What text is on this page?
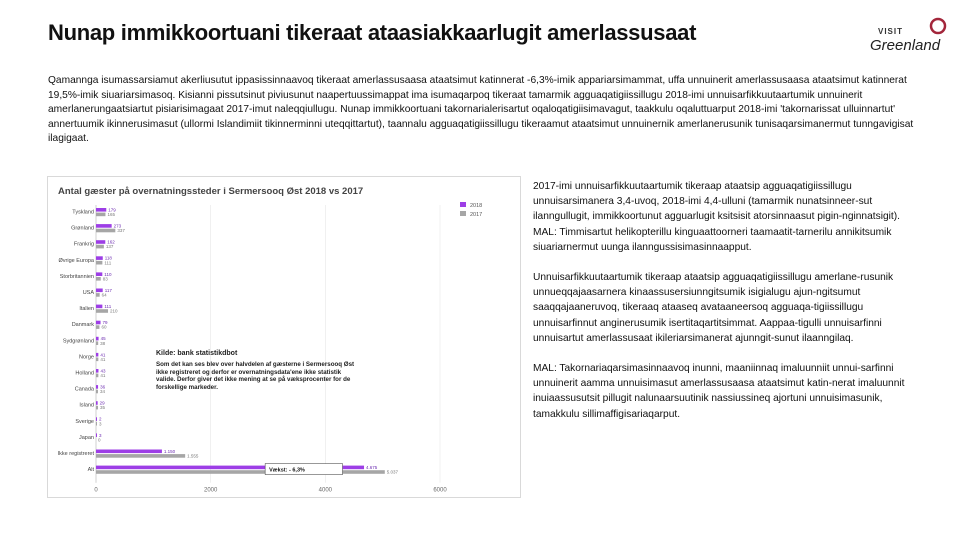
Nunap immikkoortuani tikeraat ataasiakkaarlugit amerlassusaat	VISIT
Greenland
Qamannga isumassarsiamut akerliusutut ippasissinnaavoq tikeraat amerlassusaasa ataatsimut katinnerat -6,3%-imik appariarsimammat, uffa unnuinerit amerlassusaasa ataatsimut katinnerat 19,5%-imik siuariarsimasoq. Kisianni pissutsinut piviusunut naapertuussimappat ima isumaqarpoq tikeraat tamarmik agguaqatigiissillugu 2018-imi unnuisarfikkuutaartumik unnuinerit amerlanerungaatsiartut pisiarisimagaat 2017-imut naleqqiullugu. Nunap immikkoortuani takornarialerisartut oqaloqatigiisimavagut, taakkulu oqaluttuarput 2018-imi 'takornarissat ulluinnartut' annertuumik ikinnerusimasut (ullormi Islandimiit tikinnerminni uteqqittartut), taannalu agguaqatigiissillugu tikeraamut ataatsimut unnuinernik amerlanerusunik tunisaqarsimanermut tunngavigisat ilagigaat.
Antal gæster på overnatningssteder i Sermersooq Øst 2018 vs 2017
2018
2017
0	2000	4000	6000
Tyskland	179
165
Grønland	273
337
Frankrig	162
137
Øvrige Europa 118
111
Storbritannien 110
83
USA 117
64
Italien 111
210
Danmark 79
60
Sydgrønland 45
38
Norge 41
41
Holland 43
41
Canada 36
34
Island 29
35
Sverige 2
3
Japan 3
0
Ikke registreret	1.150
1.555
Alt	4.675
5.037
Vækst: - 6,3%
Kilde: bank statistikdbot
Som det kan ses blev over halvdelen af gæsterne i Sermersooq Øst ikke registreret og derfor er overnatningsdata'ene ikke statistik valide. Derfor giver det ikke mening at se på væksprocenter for de forskellige markeder.

2017-imi unnuisarfikkuutaartumik tikeraap ataatsip agguaqatigiissillugu unnuisarsimanera 3,4-uvoq, 2018-imi 4,4-ulluni (tamarmik nunatsinneer-sut ilanngullugit, immikkoortunut agguarlugit ksitsisit atorsinnaasut pigin-nginnatsigit). MAL: Timmisartut helikopterillu kinguaattoorneri taamaatit-tarnerilu annikitsumik siuariarnermut uunga ilanngussisimasinnaapput.

Unnuisarfikkuutaartumik tikeraap ataatsip agguaqatigiissillugu amerlane-rusunik unnueqqajaasarnera kinaassusersiunngitsumik isigialugu ajun-ngitsumut saaqqajaaneruvoq, tikeraaq ataaseq avataaneersoq agguaqa-tigiissillugu unnuisarfinnut anginerusumik isertitaqartitsimmat. Aappaa-tigulli unnuisarfinni unnuisartut amerlassusaat ikileriarsimanerat ajunngit-sunut ilaanngilaq.

MAL: Takornariaqarsimasinnaavoq inunni, maaniinnaq imaluunniit unnui-sarfinni unnuinerit aamma unnuisimasut amerlassusaasa ataatsimut katin-nerat imaluunnit inuiaassusutsit pillugit nalunaarsuutinik nassiussineq ajortuni unnuisimasunik, tamakkulu sillimaffigisariaqarput.
